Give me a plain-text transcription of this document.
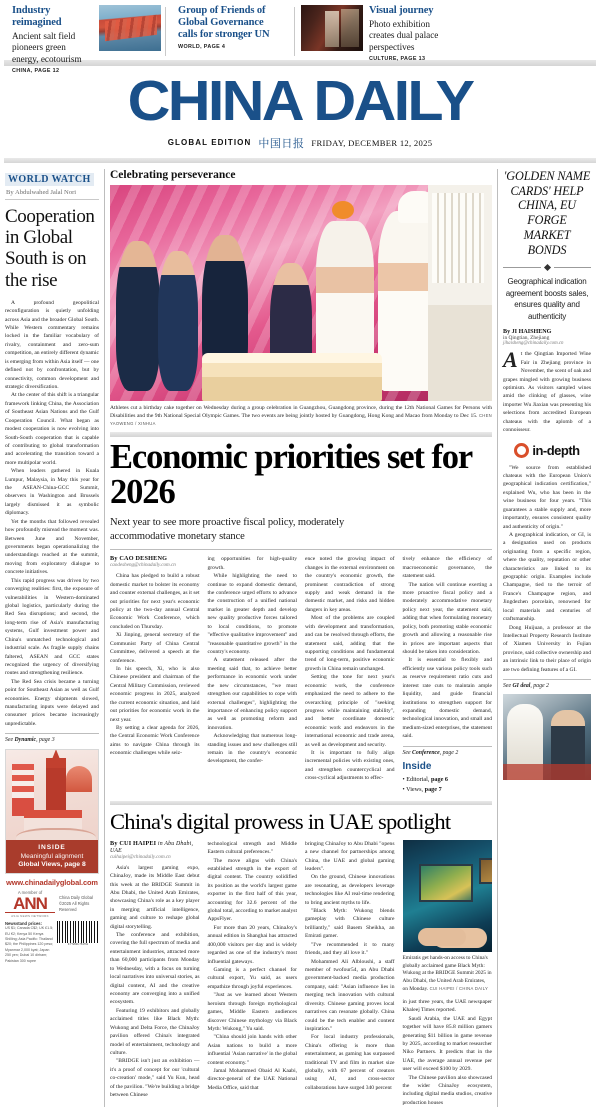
Industry reimagined
Ancient salt field pioneers green energy, ecotourism
CHINA, PAGE 12
Group of Friends of Global Governance calls for stronger UN
WORLD, PAGE 4
Visual journey
Photo exhibition creates dual palace perspectives
CULTURE, PAGE 13
CHINA DAILY
GLOBAL EDITION 中国日报 FRIDAY, DECEMBER 12, 2025
WORLD WATCH
By Abdulwahed Jalal Nori
Cooperation in Global South is on the rise

A profound geopolitical reconfiguration is quietly unfolding across Asia and the broader Global South. While Western commentary remains locked in the familiar vocabulary of rivalry, containment and zero-sum competition, an entirely different dynamic is emerging from within Asia itself — one defined not by confrontation, but by connectivity, common development and strategic diversification.

At the center of this shift is a triangular framework linking China, the Association of Southeast Asian Nations and the Gulf Cooperation Council. What began as modest cooperation is now evolving into South-South cooperation that is capable of contributing to global transformation and accelerating the transition toward a more multipolar world.

When leaders gathered in Kuala Lumpur, Malaysia, in May this year for the ASEAN-China-GCC Summit, observers in Washington and Brussels largely dismissed it as symbolic diplomacy.

Yet the months that followed revealed how profoundly misread the moment was. Between June and November, governments began operationalizing the understandings reached at the summit, moving from exploratory dialogue to concrete initiatives.

This rapid progress was driven by two converging realities: first, the exposure of vulnerabilities in Western-dominated global logistics, particularly during the Red Sea disruptions; and second, the long-term rise of Asia's manufacturing systems, Gulf investment power and China's unmatched technological and industrial scale. As fragile supply chains faltered, ASEAN and GCC states recognized the urgency of diversifying routes and strengthening resilience.

The Red Sea crisis became a turning point for Southeast Asian as well as Gulf economies. Energy shipments slowed, manufacturing inputs were delayed and consumer prices became increasingly unpredictable.

See Dynamic, page 3
INSIDE
Meaningful alignment
Global Views, page 8
www.chinadailyglobal.com
A member of
ANN
ASIA NEWS NETWORK
China Daily Global ©2025 All Rights Reserved
Newsstand prices:
US $1; Canada C$2; UK £1.5; EU €2; Kenya 50 Kenya Shilling; Asia Pacific: Thailand $20; the Philippines 120 peso; Myanmar 2,000 kyat; Japan 250 yen; Dubai 10 dirham; Pakistan 300 rupee
9 772631 751761
Celebrating perseverance
Athletes cut a birthday cake together on Wednesday during a group celebration in Guangzhou, Guangdong province, during the 12th National Games for Persons with Disabilities and the 9th National Special Olympic Games. The two events are being jointly hosted by Guangdong, Hong Kong and Macao from Monday to Dec 15. CHEN YAOWENG / XINHUA
Economic priorities set for 2026
Next year to see more proactive fiscal policy, moderately accommodative monetary stance
By CAO DESHENG
caodesheng@chinadaily.com.cn

China has pledged to build a robust domestic market to bolster its economy and counter external challenges, as it set out priorities for next year's economic policy at the two-day annual Central Economic Work Conference, which concluded on Thursday.

Xi Jinping, general secretary of the Communist Party of China Central Committee, delivered a speech at the conference.

In his speech, Xi, who is also Chinese president and chairman of the Central Military Commission, reviewed economic progress in 2025, analyzed the current economic situation, and laid out priorities for economic work in the next year.

By setting a clear agenda for 2026, the Central Economic Work Conference aims to navigate China through its economic challenges while seiz-

ing opportunities for high-quality growth.

While highlighting the need to continue to expand domestic demand, the conference urged efforts to advance the construction of a unified national market in greater depth and develop new quality productive forces tailored to local conditions, to promote "effective qualitative improvement" and "reasonable quantitative growth" in the country's economy.

A statement released after the meeting said that, to achieve better performance in economic work under the new circumstances, "we must strengthen our capabilities to cope with external challenges", highlighting the importance of enhancing policy support as well as promoting reform and innovation.

Acknowledging that numerous long-standing issues and new challenges still remain in the country's economic development, the confer-

ence noted the growing impact of changes in the external environment on the country's economic growth, the prominent contradiction of strong supply and weak demand in the domestic market, and risks and hidden dangers in key areas.

Most of the problems are coupled with development and transformation, and can be resolved through efforts, the statement said, adding that the supporting conditions and fundamental trend of long-term, positive economic growth in China remain unchanged.

Setting the tone for next year's economic work, the conference emphasized the need to adhere to the overarching principle of "seeking progress while maintaining stability", and better coordinate domestic economic work and endeavors in the international economic and trade arena, as well as development and security.

It is important to fully align incremental policies with existing ones, and strengthen countercyclical and cross-cyclical adjustments to effec-

tively enhance the efficiency of macroeconomic governance, the statement said.

The nation will continue exerting a more proactive fiscal policy and a moderately accommodative monetary policy next year, the statement said, adding that when formulating monetary policy, both promoting stable economic growth and allowing a reasonable rise in prices are important aspects that should be taken into consideration.

It is essential to flexibly and efficiently use various policy tools such as reserve requirement ratio cuts and interest rate cuts to maintain ample liquidity, and guide financial institutions to strengthen support for expanding domestic demand, technological innovation, and small and medium-sized enterprises, the statement said.

See Conference, page 2
Inside
• Editorial, page 6
• Views, page 7
China's digital prowess in UAE spotlight
By CUI HAIPEI in Abu Dhabi, UAE
cuihaipei@chinadaily.com.cn

Asia's largest gaming expo, ChinaJoy, made its Middle East debut this week at the BRIDGE Summit in Abu Dhabi, the United Arab Emirates, showcasing China's role as a key player in merging artificial intelligence, gaming and culture to reshape global digital storytelling.

The conference and exhibition, covering the full spectrum of media and entertainment industries, attracted more than 60,000 participants from Monday to Wednesday, with a focus on turning local narratives into universal stories, as digital content, AI and the creative economy are converging into a unified ecosystem.

Featuring 19 exhibitors and globally acclaimed titles like Black Myth: Wukong and Delta Force, the ChinaJoy pavilion offered China's integrated model of entertainment, technology and culture.

"BRIDGE isn't just an exhibition — it's a proof of concept for our 'cultural co-creation' mode," said Yu Kun, head of the pavilion. "We're building a bridge between Chinese

technological strength and Middle Eastern cultural preferences."

The move aligns with China's established strength in the export of digital content. The country solidified its position as the world's largest game exporter in the first half of this year, accounting for 32.6 percent of the global total, according to market analyst AppsFlyer.

For more than 20 years, ChinaJoy's annual edition in Shanghai has attracted 400,000 visitors per day and is widely regarded as one of the industry's most influential gateways.

Gaming is a perfect channel for cultural export, Yu said, as users empathize through joyful experiences.

"Just as we learned about Western heroism through foreign mythological games, Middle Eastern audiences discover Chinese mythology via Black Myth: Wukong," Yu said.

"China should join hands with other Asian nations to build a more influential 'Asian narrative' in the global content economy."

Jamal Mohammed Obaid Al Kaabi, director-general of the UAE National Media Office, said that

bringing ChinaJoy to Abu Dhabi "opens a new channel for partnerships among China, the UAE and global gaming leaders".

On the ground, Chinese innovations are resonating, as developers leverage technologies like AI real-time rendering to bring ancient myths to life.

"Black Myth: Wukong blends gameplay with Chinese culture brilliantly," said Basem Sheikha, an Emirati gamer.

"I've recommended it to many friends, and they all love it."

Mohammed Ali Albloushi, a staff member of twofour54, an Abu Dhabi government-backed media production company, said: "Asian influence lies in merging tech innovation with cultural diversity. Chinese gaming proves local narratives can resonate globally. China could be the tech enabler and content inspiration."

For local industry professionals, China's offering is more than entertainment, as gaming has surpassed traditional TV and film in market size globally, with 67 percent of creators using AI, and cross-sector collaborations have surged 340 percent

Emiratis get hands-on access to China's globally acclaimed game Black Myth: Wukong at the BRIDGE Summit 2025 in Abu Dhabi, the United Arab Emirates, on Monday. CUI HAIPEI / CHINA DAILY

in just three years, the UAE newspaper Khaleej Times reported.

Saudi Arabia, the UAE and Egypt together will have 85.8 million gamers generating $11 billion in game revenue by 2025, according to market researcher Niko Partners. It predicts that in the UAE, the average annual revenue per user will exceed $100 by 2029.

The Chinese pavilion also showcased the wider ChinaJoy ecosystem, including digital media studios, creative production houses

'GOLDEN NAME CARDS' HELP CHINA, EU FORGE MARKET BONDS
Geographical indication agreement boosts sales, ensures quality and authenticity
By JI HAISHENG
in Qingtian, Zhejiang
jihaisheng@chinadaily.com.cn
At the Qingtian Imported Wine Fair in Zhejiang province in November, the scent of oak and grapes mingled with growing business optimism. As visitors sampled wines amid the clinking of glasses, wine importer Wu Jiaxian was presenting his selections from accredited European chateaus with the aplomb of a connoisseur.
in-depth

"We source from established chateaus with the European Union's geographical indication certification," explained Wu, who has been in the wine business for four years. "This guarantees a stable supply and, more importantly, ensures consistent quality and authenticity of origin."

A geographical indication, or GI, is a designation used on products originating from a specific region, where the quality, reputation or other characteristics are linked to its geographic origin. Examples include Champagne, tied to the terroir of France's Champagne region, and Jingdezhen porcelain, renowned for local materials and centuries of craftsmanship.

Dong Huijuan, a professor at the Intellectual Property Research Institute of Xiamen University in Fujian province, said collective ownership and an intrinsic link to their place of origin are two defining features of a GI.

See GI deal, page 2
